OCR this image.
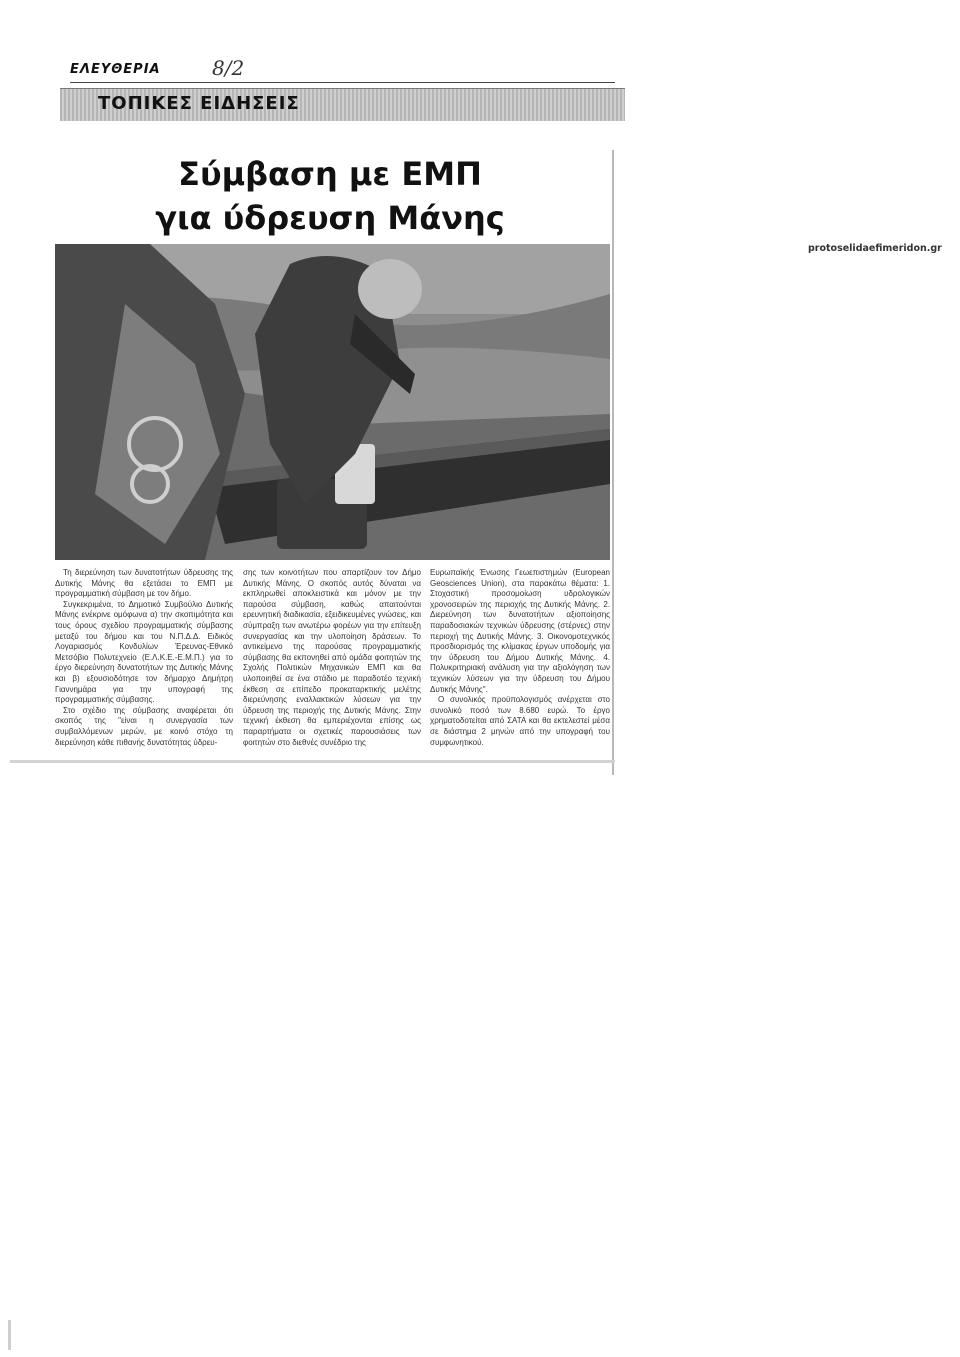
ΕΛΕΥΘΕΡΙΑ	8/2
ΤΟΠΙΚΕΣ ΕΙΔΗΣΕΙΣ
Σύμβαση με ΕΜΠ
για ύδρευση Μάνης

Τη διερεύνηση των δυνατοτήτων ύδρευσης της Δυτικής Μάνης θα εξετάσει το ΕΜΠ με προγραμματική σύμβαση με τον δήμο.

Συγκεκριμένα, το Δημοτικό Συμβούλιο Δυτικής Μάνης ενέκρινε ομόφωνα α) την σκοπιμότητα και τους όρους σχεδίου προγραμματικής σύμβασης μεταξύ του δήμου και του Ν.Π.Δ.Δ. Ειδικός Λογαριασμός Κονδυλίων Έρευνας-Εθνικό Μετσόβιο Πολυτεχνείο (Ε.Λ.Κ.Ε.-Ε.Μ.Π.) για το έργο διερεύνηση δυνατοτήτων της Δυτικής Μάνης και β) εξουσιοδότησε τον δήμαρχο Δημήτρη Γιαννημάρα για την υπογραφή της προγραμματικής σύμβασης.

Στο σχέδιο της σύμβασης αναφέρεται ότι σκοπός της "είναι η συνεργασία των συμβαλλόμενων μερών, με κοινό στόχο τη διερεύνηση κάθε πιθανής δυνατότητας ύδρευ-

σης των κοινοτήτων που απαρτίζουν τον Δήμο Δυτικής Μάνης. Ο σκοπός αυτός δύναται να εκπληρωθεί αποκλειστικά και μόνον με την παρούσα σύμβαση, καθώς απαιτούνται ερευνητική διαδικασία, εξειδικευμένες γνώσεις, και σύμπραξη των ανωτέρω φορέων για την επίτευξη συνεργασίας και την υλοποίηση δράσεων. Το αντικείμενο της παρούσας προγραμματικής σύμβασης θα εκπονηθεί από ομάδα φοιτητών της Σχολής Πολιτικών Μηχανικών ΕΜΠ και θα υλοποιηθεί σε ένα στάδιο με παραδοτέο τεχνική έκθεση σε επίπεδο προκαταρκτικής μελέτης διερεύνησης εναλλακτικών λύσεων για την ύδρευση της περιοχής της Δυτικής Μάνης. Στην τεχνική έκθεση θα εμπεριέχονται επίσης ως παραρτήματα οι σχετικές παρουσιάσεις των φοιτητών στο διεθνές συνέδριο της

Ευρωπαϊκής Ένωσης Γεωεπιστημών (European Geosciences Union), στα παρακάτω θέματα: 1. Στοχαστική προσομοίωση υδρολογικών χρονοσειρών της περιοχής της Δυτικής Μάνης. 2. Διερεύνηση των δυνατοτήτων αξιοποίησης παραδοσιακών τεχνικών ύδρευσης (στέρνες) στην περιοχή της Δυτικής Μάνης. 3. Οικονομοτεχνικός προσδιορισμός της κλίμακας έργων υποδομής για την ύδρευση του Δήμου Δυτικής Μάνης. 4. Πολυκριτηριακή ανάλυση για την αξιολόγηση των τεχνικών λύσεων για την ύδρευση του Δήμου Δυτικής Μάνης".

Ο συνολικός προϋπολογισμός ανέρχεται στο συνολικό ποσό των 8.680 ευρώ. Το έργο χρηματοδοτείται από ΣΑΤΑ και θα εκτελεστεί μέσα σε διάστημα 2 μηνών από την υπογραφή του συμφωνητικού.

protoselidaefimeridon.gr
